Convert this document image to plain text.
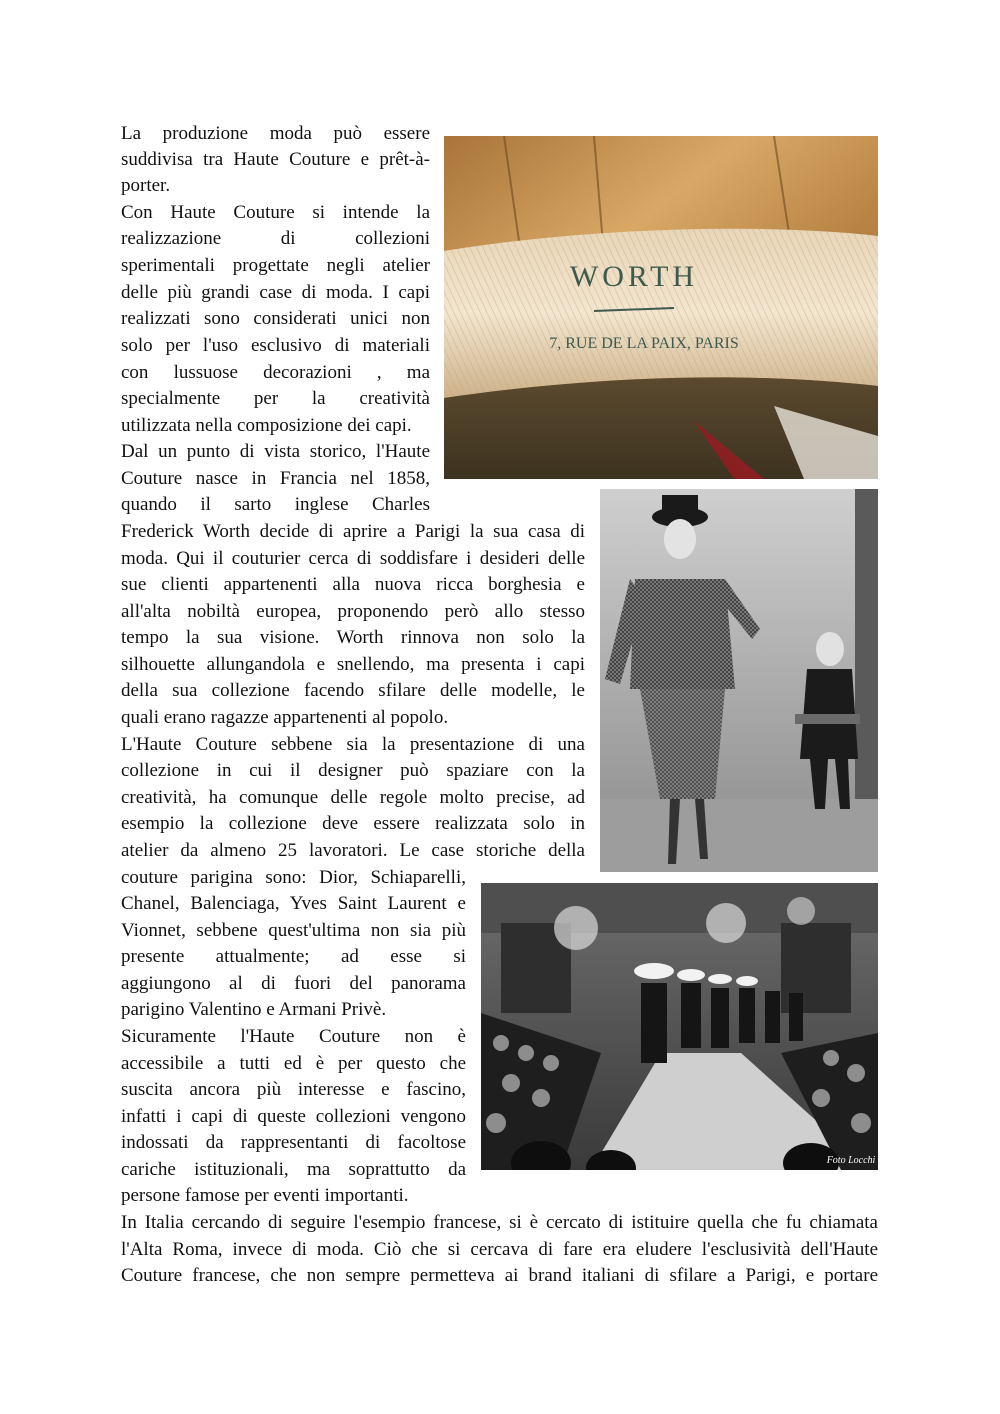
La produzione moda può essere
suddivisa tra Haute Couture e prêt-à-
porter.
Con Haute Couture si intende la
realizzazione di collezioni
sperimentali progettate negli atelier
delle più grandi case di moda. I capi
realizzati sono considerati unici non
solo per l'uso esclusivo di materiali
con lussuose decorazioni , ma
specialmente per la creatività
utilizzata nella composizione dei capi.
Dal un punto di vista storico, l'Haute
Couture nasce in Francia nel 1858,
quando il sarto inglese Charles
Frederick Worth decide di aprire a Parigi la sua casa di
moda. Qui il couturier cerca di soddisfare i desideri delle
sue clienti appartenenti alla nuova ricca borghesia e
all'alta nobiltà europea, proponendo però allo stesso
tempo la sua visione. Worth rinnova non solo la
silhouette allungandola e snellendo, ma presenta i capi
della sua collezione facendo sfilare delle modelle, le
quali erano ragazze appartenenti al popolo.
L'Haute Couture sebbene sia la presentazione di una
collezione in cui il designer può spaziare con la
creatività, ha comunque delle regole molto precise, ad
esempio la collezione deve essere realizzata solo in
atelier da almeno 25 lavoratori. Le case storiche della
couture parigina sono: Dior, Schiaparelli,
Chanel, Balenciaga, Yves Saint Laurent e
Vionnet, sebbene quest'ultima non sia più
presente attualmente; ad esse si
aggiungono al di fuori del panorama
parigino Valentino e Armani Privè.
Sicuramente l'Haute Couture non è
accessibile a tutti ed è per questo che
suscita ancora più interesse e fascino,
infatti i capi di queste collezioni vengono
indossati da rappresentanti di facoltose
cariche istituzionali, ma soprattutto da
persone famose per eventi importanti.
In Italia cercando di seguire l'esempio francese, si è cercato di istituire quella che fu chiamata
l'Alta Roma, invece di moda. Ciò che si cercava di fare era eludere l'esclusività dell'Haute
Couture francese, che non sempre permetteva ai brand italiani di sfilare a Parigi, e portare
WORTH
7, RUE DE LA PAIX, PARIS
Foto Locchi
